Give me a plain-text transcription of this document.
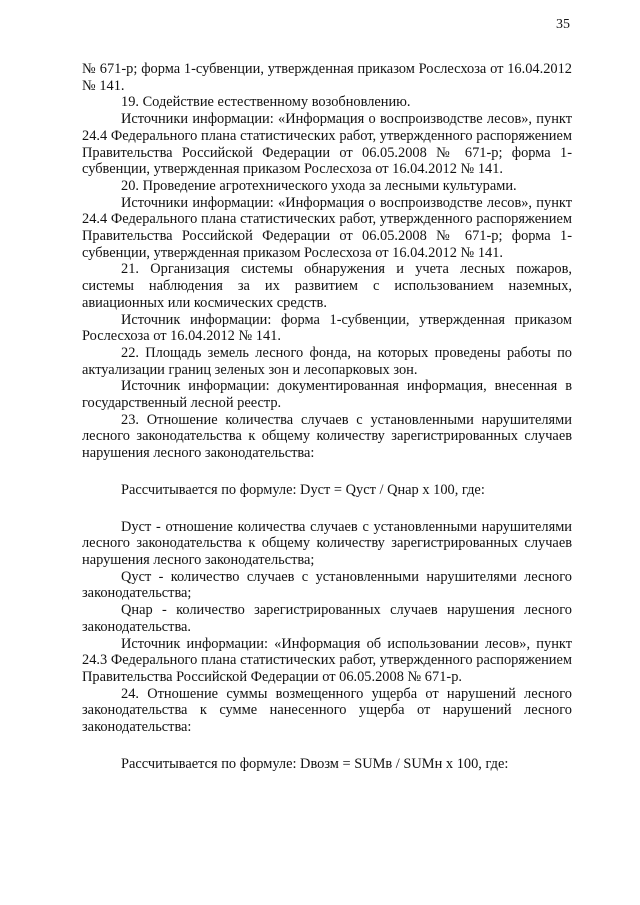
35

№ 671-р; форма 1-субвенции, утвержденная приказом Рослесхоза от 16.04.2012 № 141.

19. Содействие естественному возобновлению.

Источники информации: «Информация о воспроизводстве лесов», пункт 24.4 Федерального плана статистических работ, утвержденного распоряжением Правительства Российской Федерации от 06.05.2008 № 671-р; форма 1-субвенции, утвержденная приказом Рослесхоза от 16.04.2012 № 141.

20. Проведение агротехнического ухода за лесными культурами.

Источники информации: «Информация о воспроизводстве лесов», пункт 24.4 Федерального плана статистических работ, утвержденного распоряжением Правительства Российской Федерации от 06.05.2008 № 671-р; форма 1-субвенции, утвержденная приказом Рослесхоза от 16.04.2012 № 141.

21. Организация системы обнаружения и учета лесных пожаров, системы наблюдения за их развитием с использованием наземных, авиационных или космических средств.

Источник информации: форма 1-субвенции, утвержденная приказом Рослесхоза от 16.04.2012 № 141.

22. Площадь земель лесного фонда, на которых проведены работы по актуализации границ зеленых зон и лесопарковых зон.

Источник информации: документированная информация, внесенная в государственный лесной реестр.

23. Отношение количества случаев с установленными нарушителями лесного законодательства к общему количеству зарегистрированных случаев нарушения лесного законодательства:

Рассчитывается по формуле: Dуст = Qуст / Qнар x 100, где:

Dуст - отношение количества случаев с установленными нарушителями лесного законодательства к общему количеству зарегистрированных случаев нарушения лесного законодательства;

Qуст - количество случаев с установленными нарушителями лесного законодательства;

Qнар - количество зарегистрированных случаев нарушения лесного законодательства.

Источник информации: «Информация об использовании лесов», пункт 24.3 Федерального плана статистических работ, утвержденного распоряжением Правительства Российской Федерации от 06.05.2008 № 671-р.

24. Отношение суммы возмещенного ущерба от нарушений лесного законодательства к сумме нанесенного ущерба от нарушений лесного законодательства:

Рассчитывается по формуле: Dвозм = SUMв / SUMн x 100, где:
